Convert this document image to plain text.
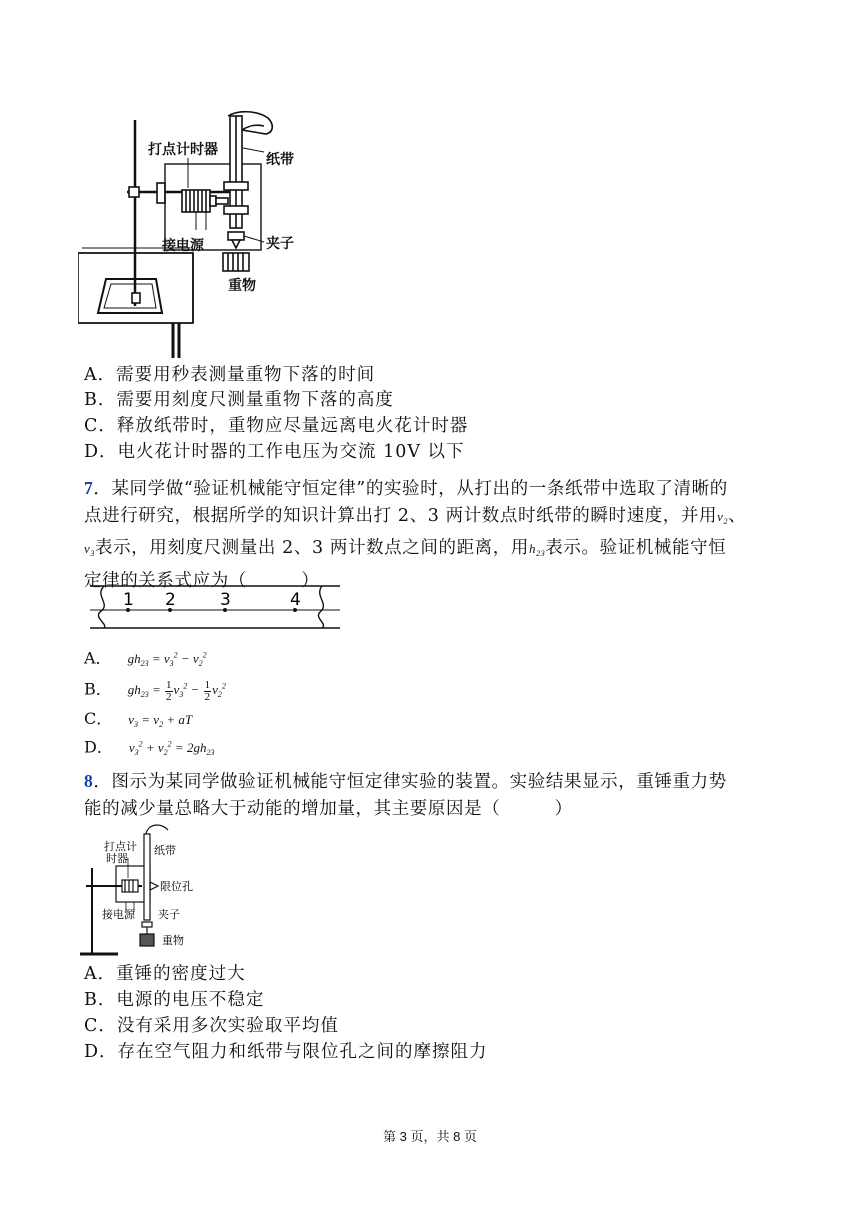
打点计时器
纸带
接电源	夹子
重物
A．需要用秒表测量重物下落的时间
B．需要用刻度尺测量重物下落的高度
C．释放纸带时，重物应尽量远离电火花计时器
D．电火花计时器的工作电压为交流 10V 以下
7．某同学做“验证机械能守恒定律”的实验时，从打出的一条纸带中选取了清晰的
点进行研究，根据所学的知识计算出打 2、3 两计数点时纸带的瞬时速度，并用$v_2$、
$v_3$表示，用刻度尺测量出 2、3 两计数点之间的距离，用$h_{23}$表示。验证机械能守恒
定律的关系式应为（　　　）
1 2	3	4
A． $gh_{23} = v_3^2 - v_2^2$
B． $gh_{23} = \frac{1}{2} v_3^2 - \frac{1}{2} v_2^2$
C． $v_3 = v_2$ + aT
D． $v_3^2 + v_2^2 = 2gh_{23}$
8．图示为某同学做验证机械能守恒定律实验的装置。实验结果显示，重锤重力势
能的减少量总略大于动能的增加量，其主要原因是（　　　）
打点计
时器
纸带
限位孔
接电源 夹子
重物
A．重锤的密度过大
B．电源的电压不稳定
C．没有采用多次实验取平均值
D．存在空气阻力和纸带与限位孔之间的摩擦阻力
第 3 页，共 8 页
